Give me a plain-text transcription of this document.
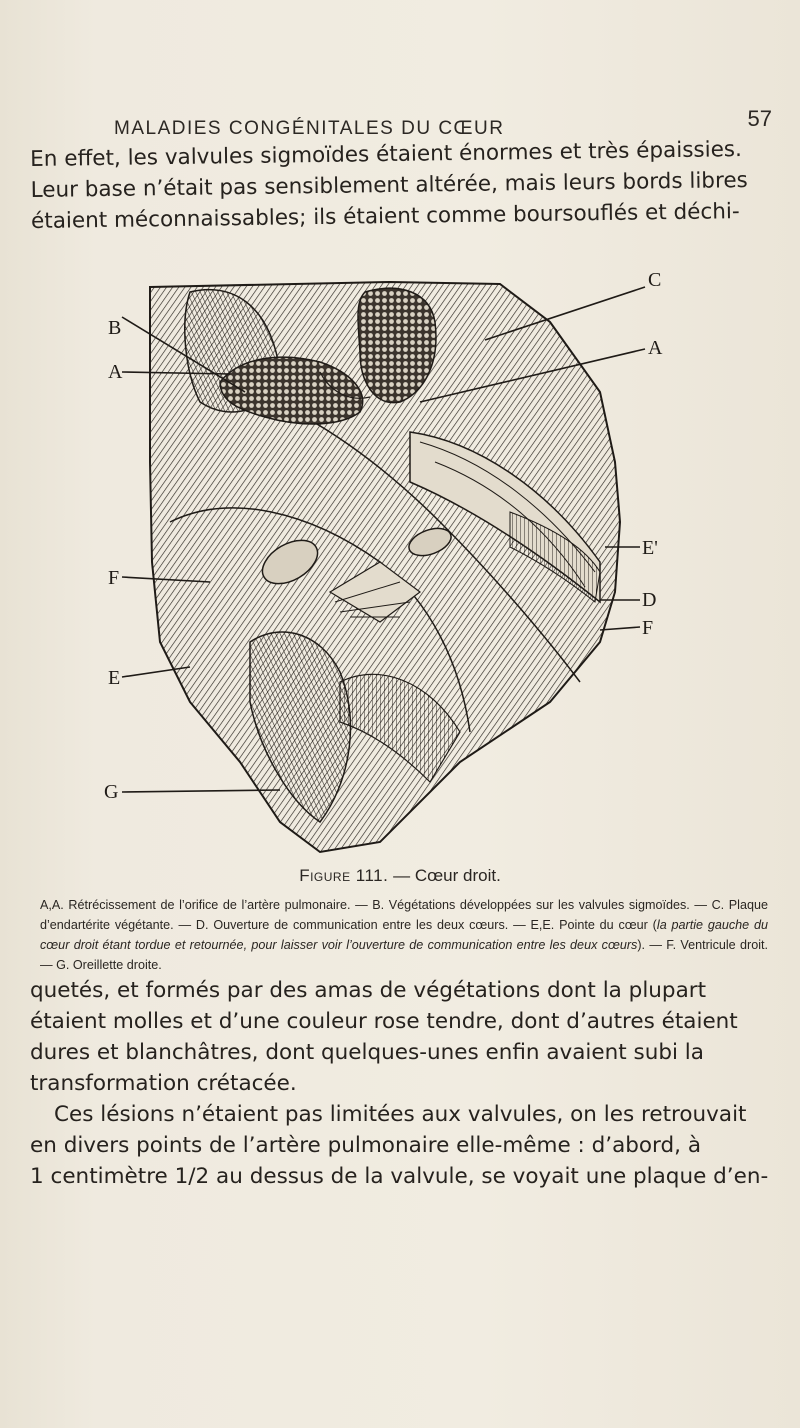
MALADIES CONGÉNITALES DU CŒUR	57
En effet, les valvules sigmoïdes étaient énormes et très épaissies.
Leur base n’était pas sensiblement altérée, mais leurs bords libres
étaient méconnaissables; ils étaient comme boursouflés et déchi-
B
A
F
E
G
C
A
E'
D
F
Figure 111. — Cœur droit.
A,A. Rétrécissement de l’orifice de l’artère pulmonaire. — B. Végétations développées sur les valvules sigmoïdes. — C. Plaque d’endartérite végétante. — D. Ouverture de communication entre les deux cœurs. — E,E. Pointe du cœur (la partie gauche du cœur droit étant tordue et retournée, pour laisser voir l’ouverture de communication entre les deux cœurs). — F. Ventricule droit. — G. Oreillette droite.
quetés, et formés par des amas de végétations dont la plupart
étaient molles et d’une couleur rose tendre, dont d’autres étaient
dures et blanchâtres, dont quelques-unes enfin avaient subi la
transformation crétacée.
Ces lésions n’étaient pas limitées aux valvules, on les retrouvait
en divers points de l’artère pulmonaire elle-même : d’abord, à
1 centimètre 1/2 au dessus de la valvule, se voyait une plaque d’en-
